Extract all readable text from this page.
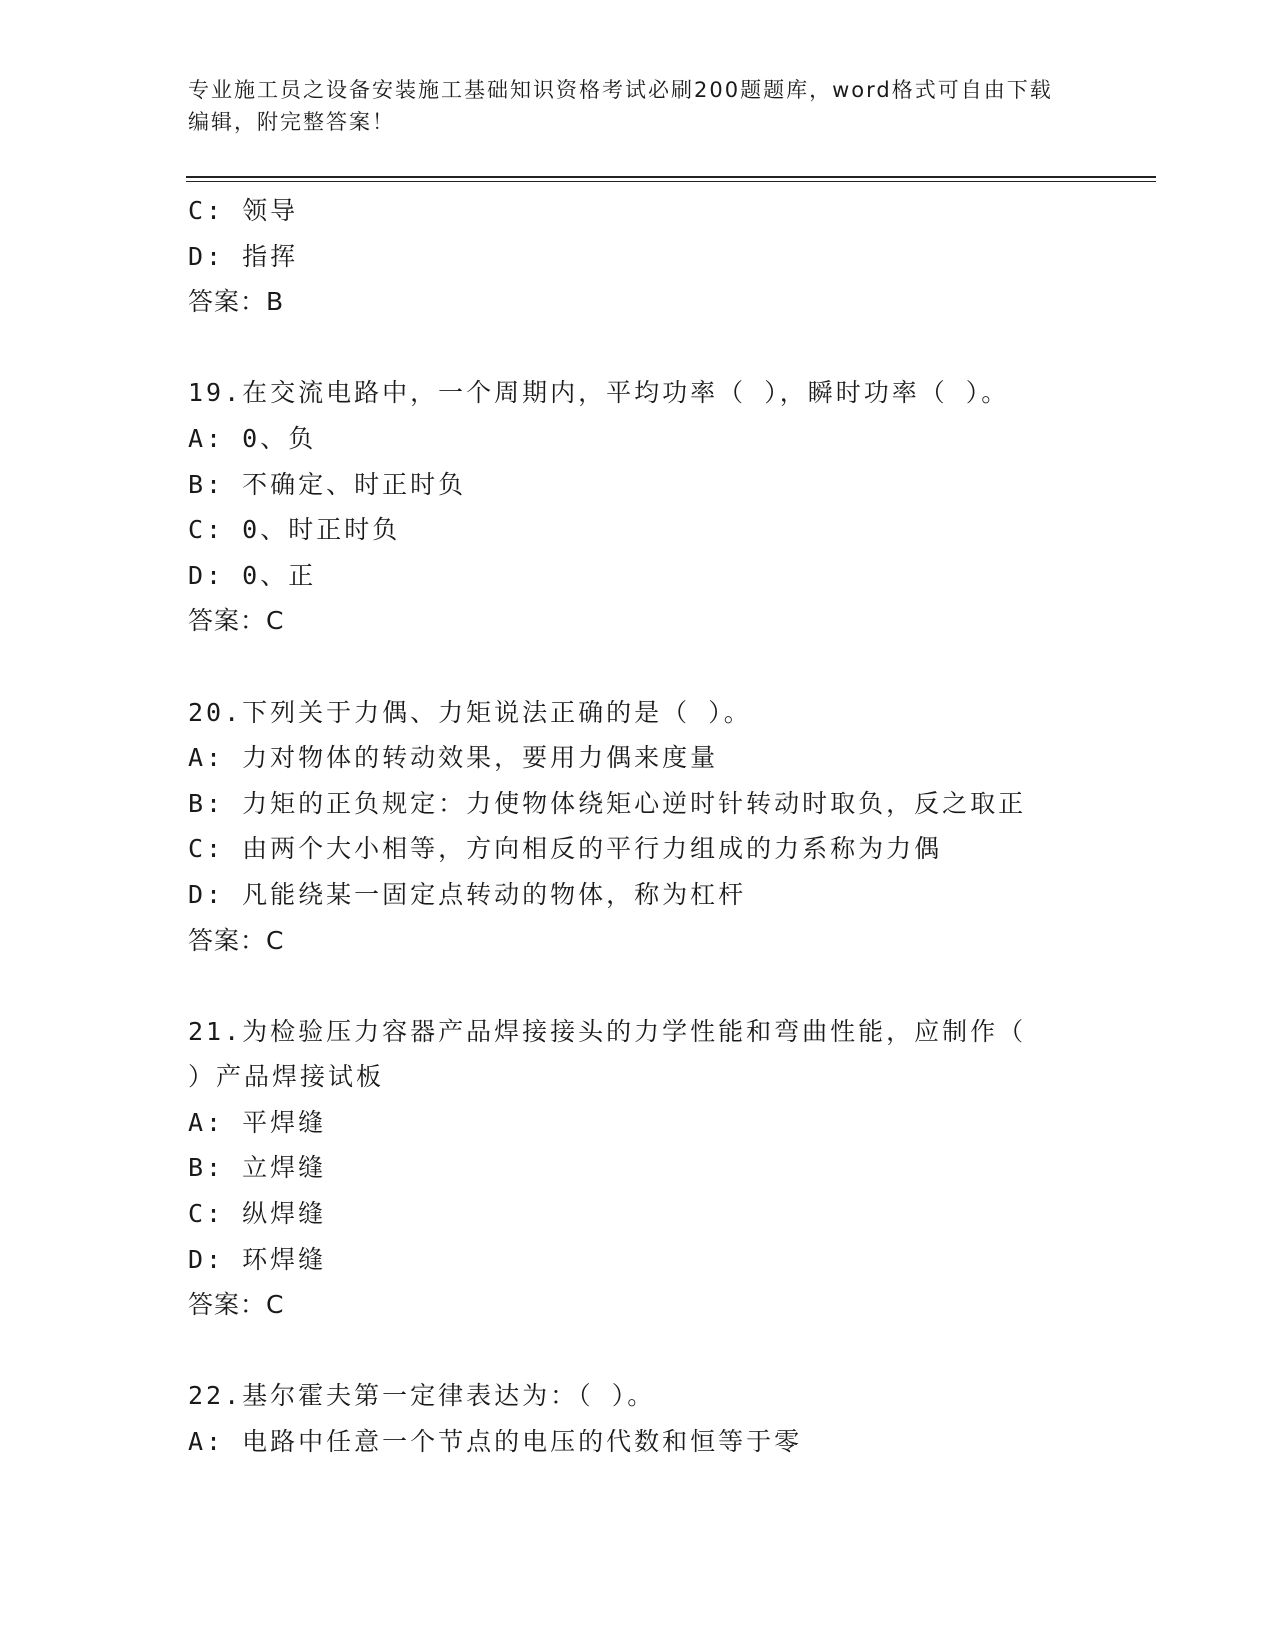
专业施工员之设备安装施工基础知识资格考试必刷200题题库，word格式可自由下载编辑，附完整答案！
C: 领导
D: 指挥
答案：B
19.在交流电路中，一个周期内，平均功率（ ），瞬时功率（ ）。
A: 0、负
B: 不确定、时正时负
C: 0、时正时负
D: 0、正
答案：C
20.下列关于力偶、力矩说法正确的是（ ）。
A: 力对物体的转动效果，要用力偶来度量
B: 力矩的正负规定：力使物体绕矩心逆时针转动时取负，反之取正
C: 由两个大小相等，方向相反的平行力组成的力系称为力偶
D: 凡能绕某一固定点转动的物体，称为杠杆
答案：C
21.为检验压力容器产品焊接接头的力学性能和弯曲性能，应制作（
）产品焊接试板
A: 平焊缝
B: 立焊缝
C: 纵焊缝
D: 环焊缝
答案：C
22.基尔霍夫第一定律表达为：（ ）。
A: 电路中任意一个节点的电压的代数和恒等于零
